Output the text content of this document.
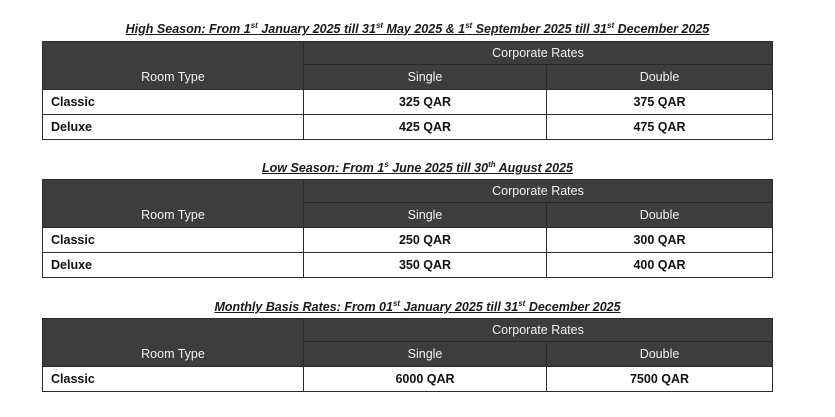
High Season: From 1st January 2025 till 31st May 2025 & 1st September 2025 till 31st December 2025
Room Type	Corporate Rates	
	Single	Double
Classic	325 QAR	375 QAR
Deluxe	425 QAR	475 QAR
Low Season: From 1$^s$ June 2025 till 30th August 2025
Room Type	Corporate Rates	
	Single	Double
Classic	250 QAR	300 QAR
Deluxe	350 QAR	400 QAR
Monthly Basis Rates: From 01st January 2025 till 31st December 2025
Room Type	Corporate Rates	
	Single	Double
Classic	6000 QAR	7500 QAR
